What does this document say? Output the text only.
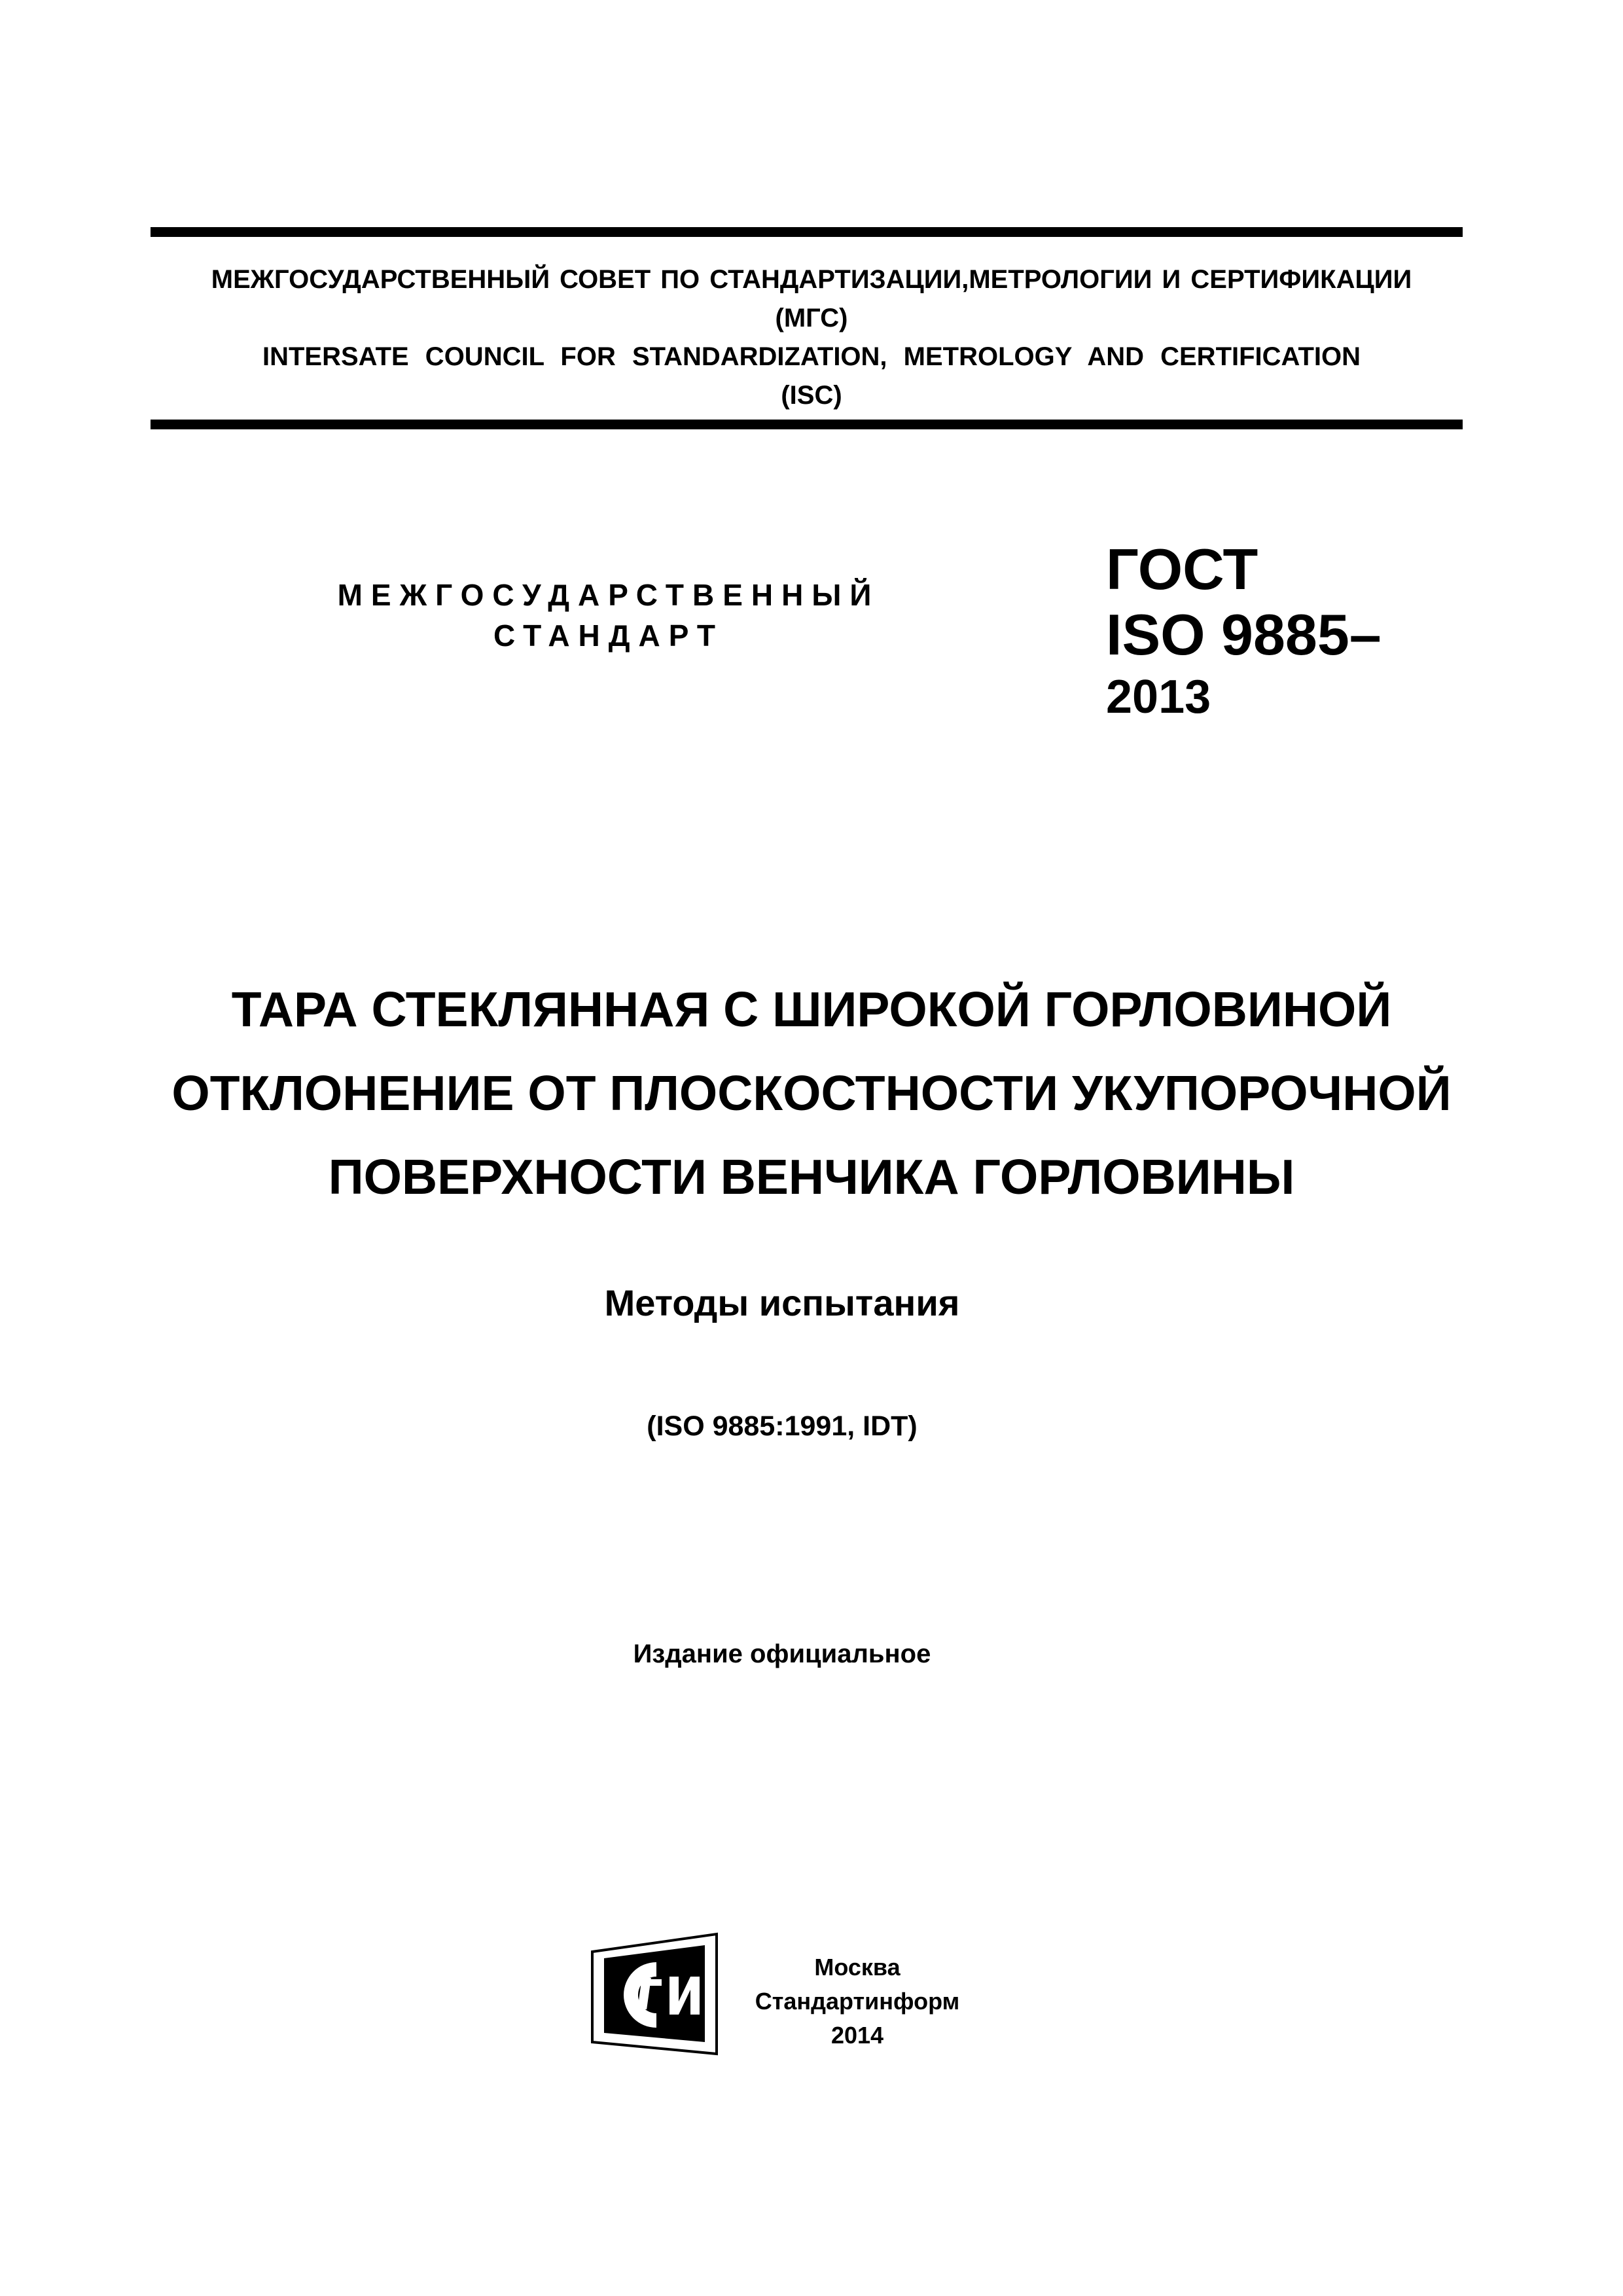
МЕЖГОСУДАРСТВЕННЫЙ СОВЕТ ПО СТАНДАРТИЗАЦИИ,МЕТРОЛОГИИ И СЕРТИФИКАЦИИ
(МГС)
INTERSATE COUNCIL FOR STANDARDIZATION, METROLOGY AND CERTIFICATION
(ISC)
МЕЖГОСУДАРСТВЕННЫЙ
СТАНДАРТ
ГОСТ
ISO 9885–
2013
ТАРА СТЕКЛЯННАЯ С ШИРОКОЙ ГОРЛОВИНОЙ
ОТКЛОНЕНИЕ ОТ ПЛОСКОСТНОСТИ УКУПОРОЧНОЙ
ПОВЕРХНОСТИ ВЕНЧИКА ГОРЛОВИНЫ
Методы испытания
(ISO 9885:1991, IDT)
Издание официальное
Москва
Стандартинформ
2014
